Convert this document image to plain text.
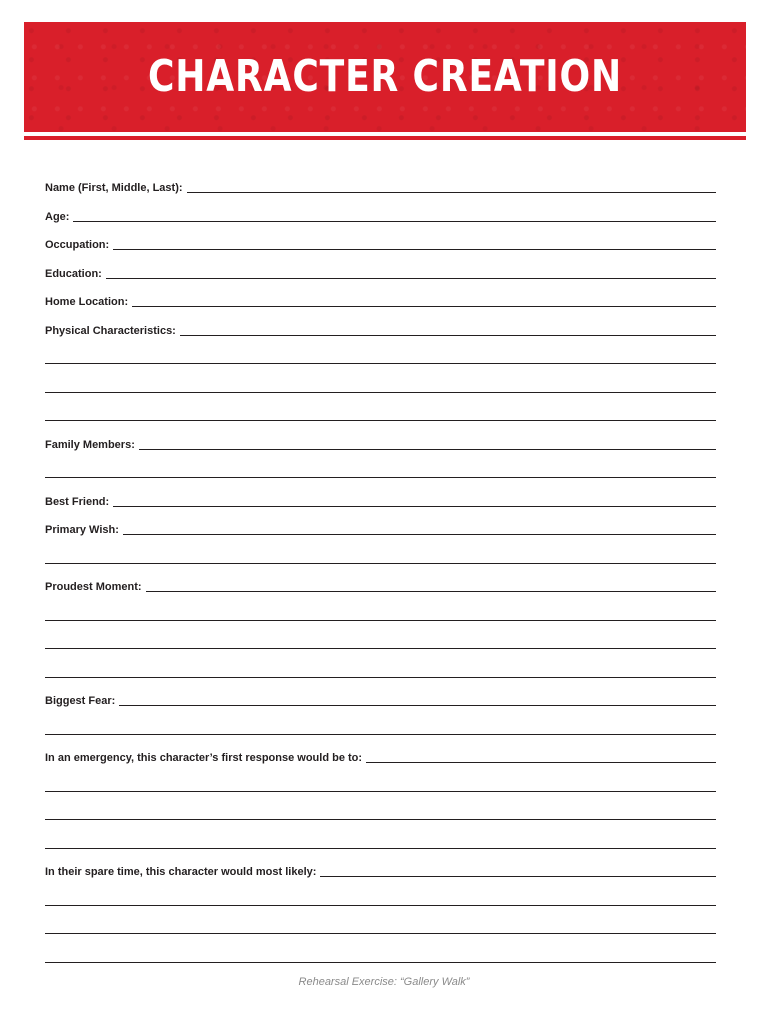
CHARACTER CREATION
Name (First, Middle, Last):
Age:
Occupation:
Education:
Home Location:
Physical Characteristics:
Family Members:
Best Friend:
Primary Wish:
Proudest Moment:
Biggest Fear:
In an emergency, this character’s first response would be to:
In their spare time, this character would most likely:
Rehearsal Exercise: “Gallery Walk”
